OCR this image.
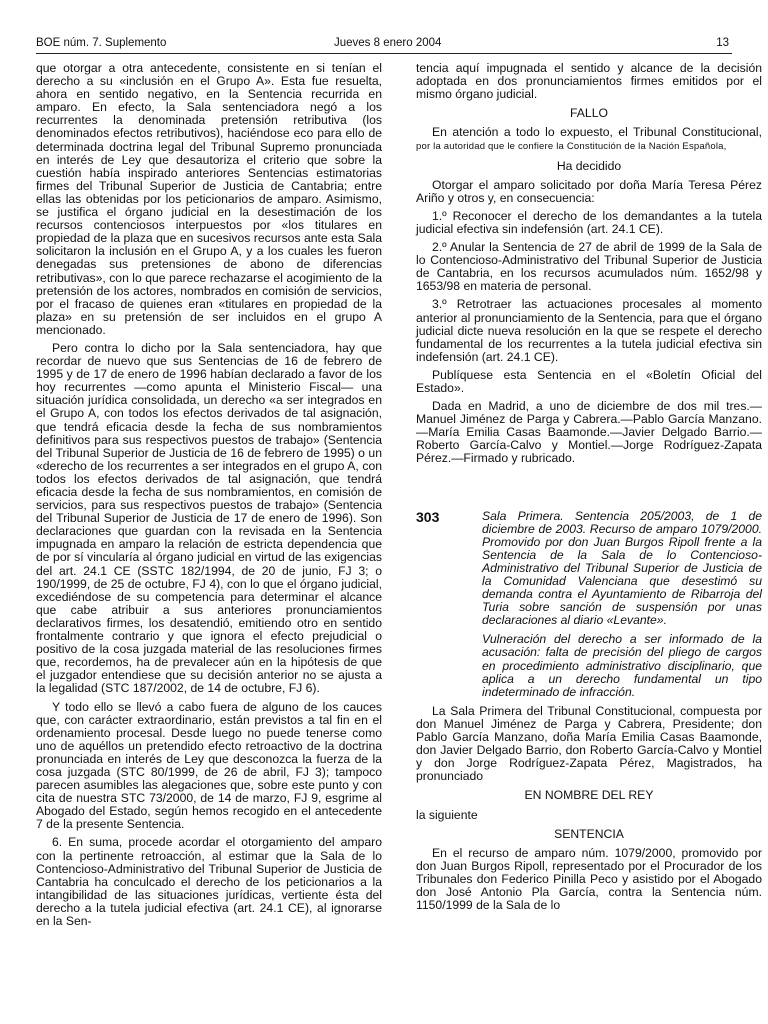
BOE núm. 7. Suplemento	Jueves 8 enero 2004	13

que otorgar a otra antecedente, consistente en si tenían el derecho a su «inclusión en el Grupo A». Esta fue resuelta, ahora en sentido negativo, en la Sentencia recurrida en amparo. En efecto, la Sala sentenciadora negó a los recurrentes la denominada pretensión retributiva (los denominados efectos retributivos), haciéndose eco para ello de determinada doctrina legal del Tribunal Supremo pronunciada en interés de Ley que desautoriza el criterio que sobre la cuestión había inspirado anteriores Sentencias estimatorias firmes del Tribunal Superior de Justicia de Cantabria; entre ellas las obtenidas por los peticionarios de amparo. Asimismo, se justifica el órgano judicial en la desestimación de los recursos contenciosos interpuestos por «los titulares en propiedad de la plaza que en sucesivos recursos ante esta Sala solicitaron la inclusión en el Grupo A, y a los cuales les fueron denegadas sus pretensiones de abono de diferencias retributivas», con lo que parece rechazarse el acogimiento de la pretensión de los actores, nombrados en comisión de servicios, por el fracaso de quienes eran «titulares en propiedad de la plaza» en su pretensión de ser incluidos en el grupo A mencionado.

Pero contra lo dicho por la Sala sentenciadora, hay que recordar de nuevo que sus Sentencias de 16 de febrero de 1995 y de 17 de enero de 1996 habían declarado a favor de los hoy recurrentes —como apunta el Ministerio Fiscal— una situación jurídica consolidada, un derecho «a ser integrados en el Grupo A, con todos los efectos derivados de tal asignación, que tendrá eficacia desde la fecha de sus nombramientos definitivos para sus respectivos puestos de trabajo» (Sentencia del Tribunal Superior de Justicia de 16 de febrero de 1995) o un «derecho de los recurrentes a ser integrados en el grupo A, con todos los efectos derivados de tal asignación, que tendrá eficacia desde la fecha de sus nombramientos, en comisión de servicios, para sus respectivos puestos de trabajo» (Sentencia del Tribunal Superior de Justicia de 17 de enero de 1996). Son declaraciones que guardan con la revisada en la Sentencia impugnada en amparo la relación de estricta dependencia que de por sí vincularía al órgano judicial en virtud de las exigencias del art. 24.1 CE (SSTC 182/1994, de 20 de junio, FJ 3; o 190/1999, de 25 de octubre, FJ 4), con lo que el órgano judicial, excediéndose de su competencia para determinar el alcance que cabe atribuir a sus anteriores pronunciamientos declarativos firmes, los desatendió, emitiendo otro en sentido frontalmente contrario y que ignora el efecto prejudicial o positivo de la cosa juzgada material de las resoluciones firmes que, recordemos, ha de prevalecer aún en la hipótesis de que el juzgador entendiese que su decisión anterior no se ajusta a la legalidad (STC 187/2002, de 14 de octubre, FJ 6).

Y todo ello se llevó a cabo fuera de alguno de los cauces que, con carácter extraordinario, están previstos a tal fin en el ordenamiento procesal. Desde luego no puede tenerse como uno de aquéllos un pretendido efecto retroactivo de la doctrina pronunciada en interés de Ley que desconozca la fuerza de la cosa juzgada (STC 80/1999, de 26 de abril, FJ 3); tampoco parecen asumibles las alegaciones que, sobre este punto y con cita de nuestra STC 73/2000, de 14 de marzo, FJ 9, esgrime al Abogado del Estado, según hemos recogido en el antecedente 7 de la presente Sentencia.

6. En suma, procede acordar el otorgamiento del amparo con la pertinente retroacción, al estimar que la Sala de lo Contencioso-Administrativo del Tribunal Superior de Justicia de Cantabria ha conculcado el derecho de los peticionarios a la intangibilidad de las situaciones jurídicas, vertiente ésta del derecho a la tutela judicial efectiva (art. 24.1 CE), al ignorarse en la Sen-

tencia aquí impugnada el sentido y alcance de la decisión adoptada en dos pronunciamientos firmes emitidos por el mismo órgano judicial.

FALLO

En atención a todo lo expuesto, el Tribunal Constitucional, por la autoridad que le confiere la Constitución de la Nación Española,

Ha decidido

Otorgar el amparo solicitado por doña María Teresa Pérez Ariño y otros y, en consecuencia:

1.º Reconocer el derecho de los demandantes a la tutela judicial efectiva sin indefensión (art. 24.1 CE).

2.º Anular la Sentencia de 27 de abril de 1999 de la Sala de lo Contencioso-Administrativo del Tribunal Superior de Justicia de Cantabria, en los recursos acumulados núm. 1652/98 y 1653/98 en materia de personal.

3.º Retrotraer las actuaciones procesales al momento anterior al pronunciamiento de la Sentencia, para que el órgano judicial dicte nueva resolución en la que se respete el derecho fundamental de los recurrentes a la tutela judicial efectiva sin indefensión (art. 24.1 CE).

Publíquese esta Sentencia en el «Boletín Oficial del Estado».

Dada en Madrid, a uno de diciembre de dos mil tres.—Manuel Jiménez de Parga y Cabrera.—Pablo García Manzano.—María Emilia Casas Baamonde.—Javier Delgado Barrio.—Roberto García-Calvo y Montiel.—Jorge Rodríguez-Zapata Pérez.—Firmado y rubricado.

303	Sala Primera. Sentencia 205/2003, de 1 de diciembre de 2003. Recurso de amparo 1079/2000. Promovido por don Juan Burgos Ripoll frente a la Sentencia de la Sala de lo Contencioso-Administrativo del Tribunal Superior de Justicia de la Comunidad Valenciana que desestimó su demanda contra el Ayuntamiento de Ribarroja del Turia sobre sanción de suspensión por unas declaraciones al diario «Levante».

Vulneración del derecho a ser informado de la acusación: falta de precisión del pliego de cargos en procedimiento administrativo disciplinario, que aplica a un derecho fundamental un tipo indeterminado de infracción.

La Sala Primera del Tribunal Constitucional, compuesta por don Manuel Jiménez de Parga y Cabrera, Presidente; don Pablo García Manzano, doña María Emilia Casas Baamonde, don Javier Delgado Barrio, don Roberto García-Calvo y Montiel y don Jorge Rodríguez-Zapata Pérez, Magistrados, ha pronunciado

EN NOMBRE DEL REY

la siguiente

SENTENCIA

En el recurso de amparo núm. 1079/2000, promovido por don Juan Burgos Ripoll, representado por el Procurador de los Tribunales don Federico Pinilla Peco y asistido por el Abogado don José Antonio Pla García, contra la Sentencia núm. 1150/1999 de la Sala de lo
